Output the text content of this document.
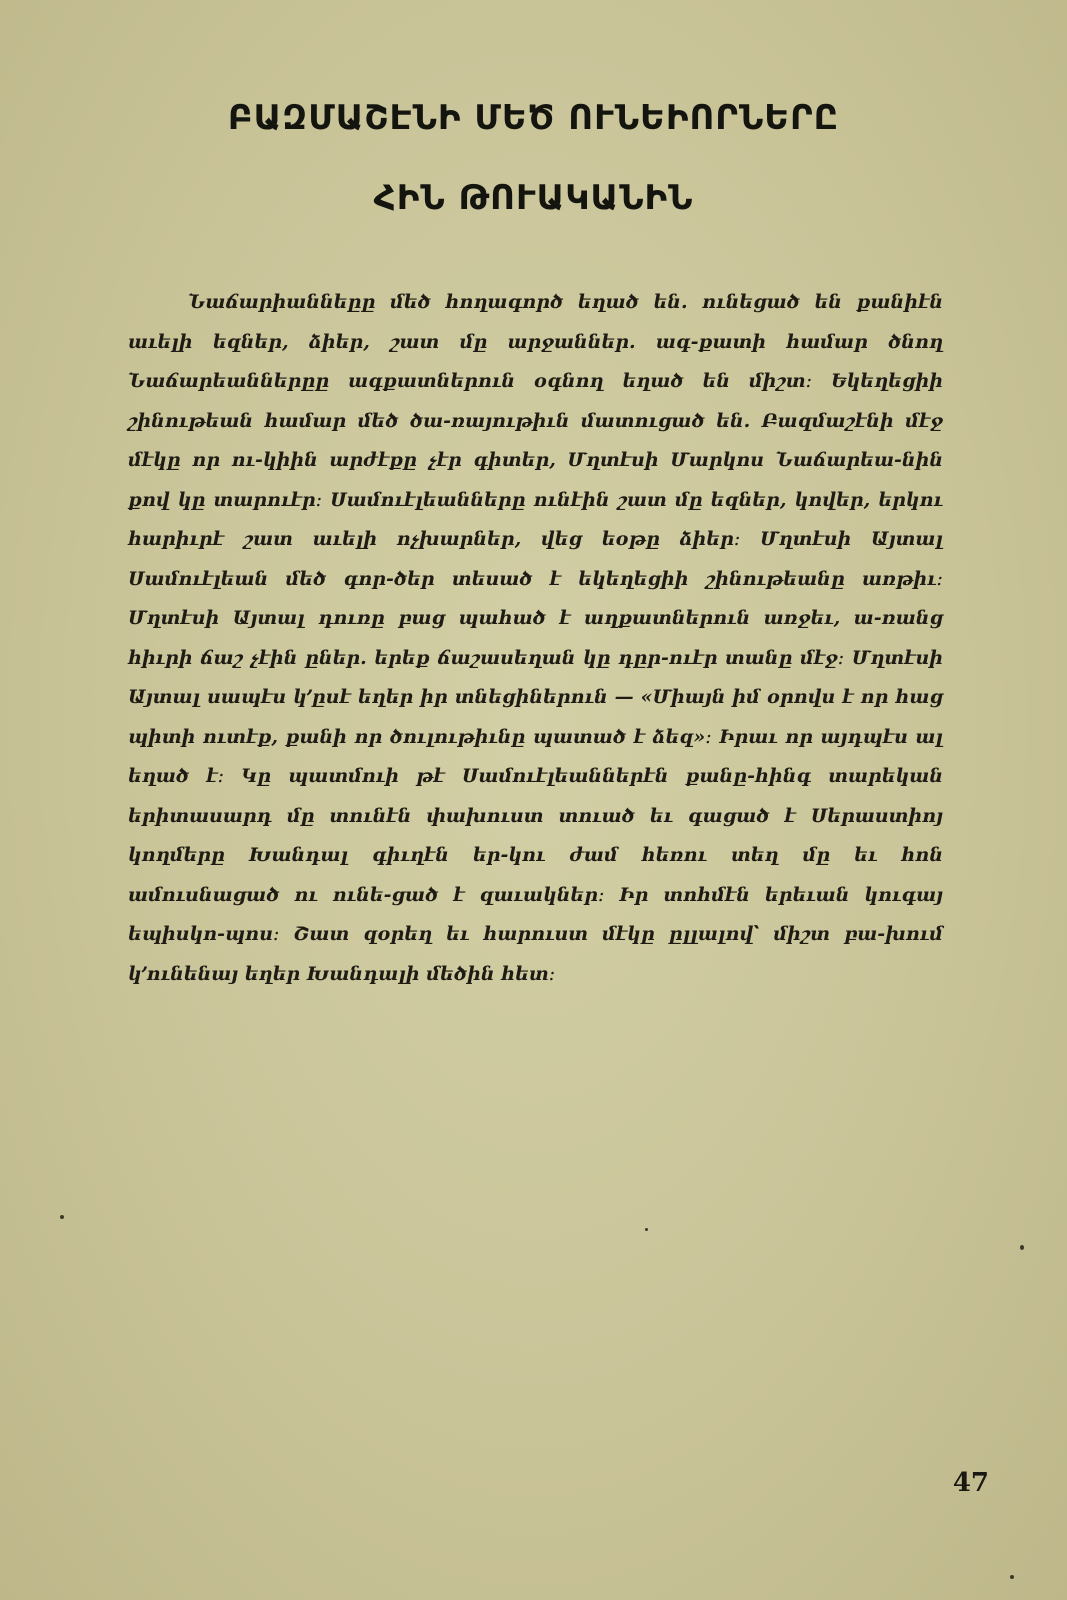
ԲԱԶՄԱՇԷՆԻ ՄԵԾ ՈՒՆԵԻՈՐՆԵՐԸ
ՀԻՆ ԹՈՒԱԿԱՆԻՆ
Նաճարիաննեըը մեծ հողագործ եղած են. ունեցած են քանիէն աւելի եզներ, ձիեր, շատ մը արջաններ. ագ-քատի համար ծնող Նաճարեաններըը ագքատներուն օգնող եղած են միշտ։ Եկեղեցիի շինութեան համար մեծ ծա-ռայութիւն մատուցած են. Բազմաշէնի մէջ մէկը որ ու-կիին արժէքը չէր գիտեր, Մղտէսի Մարկոս Նաճարեա-նին քով կը տարուէր։ Սամուէլեանները ունէին շատ մը եզներ, կովեր, երկու հարիւրէ շատ աւելի ոչխարներ, վեց եօթը ձիեր։ Մղտէսի Այտալ Սամուէլեան մեծ գոր-ծեր տեսած է եկեղեցիի շինութեանը առթիւ։ Մղտէսի Այտալ դուռը բաց պահած է աղքատներուն առջեւ, ա-ռանց հիւրի ճաշ չէին ըներ. երեք ճաշասեղան կը դըր-ուէր տանը մէջ։ Մղտէսի Այտալ սապէս կ՚ըսէ եղեր իր տնեցիներուն — «Միայն իմ օրովս է որ հաց պիտի ուտէք, քանի որ ծուլութիւնը պատած է ձեզ»։ Իրաւ որ այդպէս ալ եղած է։ Կը պատմուի թէ Սամուէլեաններէն քանը-հինգ տարեկան երիտասարդ մը տունէն փախուստ տուած եւ գացած է Սերաստիոյ կողմերը Խանդալ գիւղէն եր-կու ժամ հեռու տեղ մը եւ հոն ամուսնացած ու ունե-ցած է զաւակներ։ Իր տոհմէն երեւան կուգայ եպիսկո-պոս։ Շատ զօրեղ եւ հարուստ մէկը ըլլալով՝ միշտ բա-խում կ՚ունենայ եղեր Խանդալի մեծին հետ։
47
